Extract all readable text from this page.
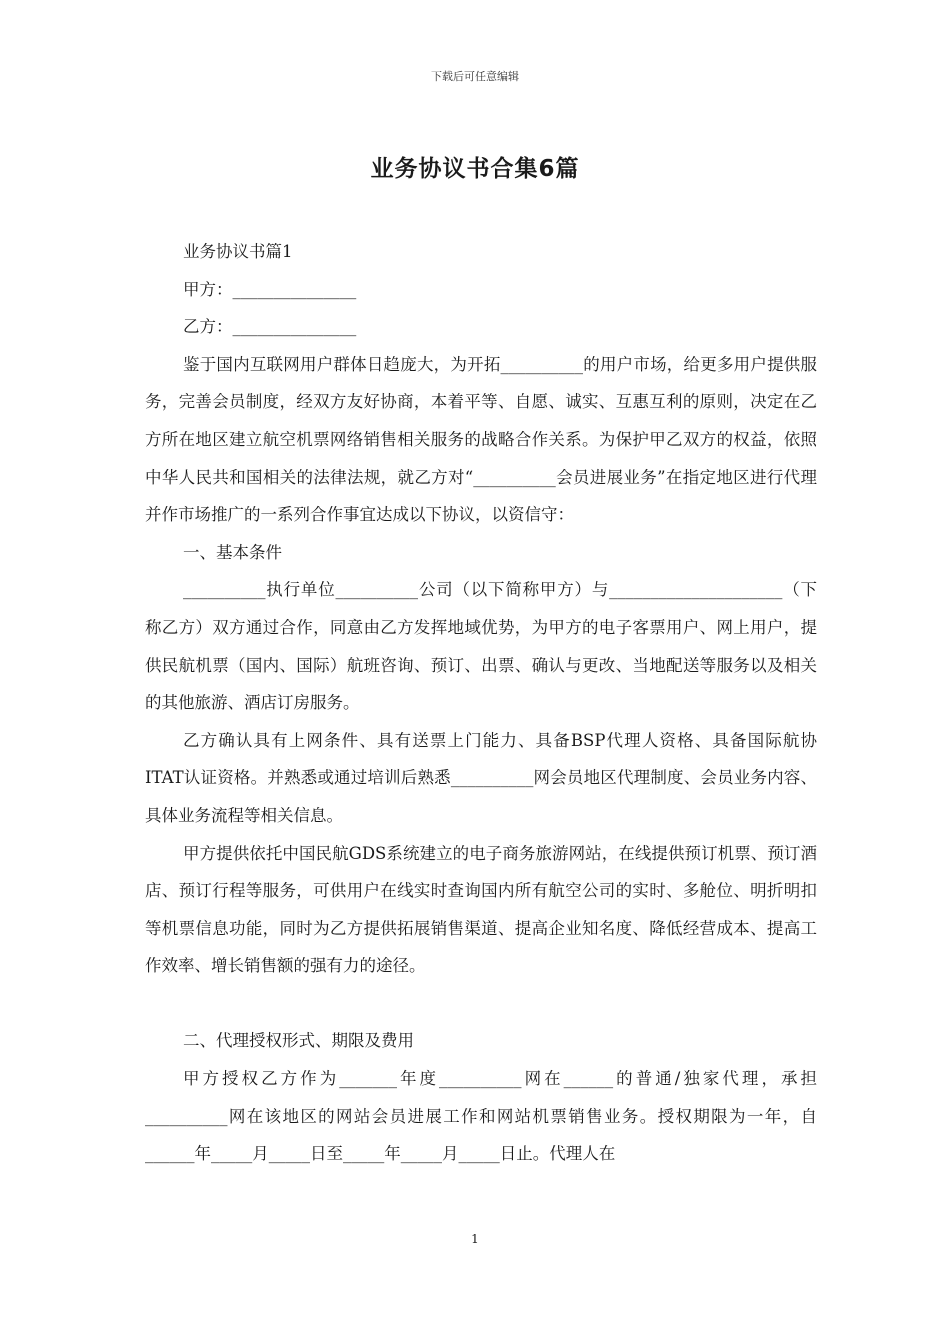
下载后可任意编辑
业务协议书合集6篇

业务协议书篇1

甲方：_______________

乙方：_______________

鉴于国内互联网用户群体日趋庞大，为开拓__________的用户市场，给更多用户提供服务，完善会员制度，经双方友好协商，本着平等、自愿、诚实、互惠互利的原则，决定在乙方所在地区建立航空机票网络销售相关服务的战略合作关系。为保护甲乙双方的权益，依照中华人民共和国相关的法律法规，就乙方对“__________会员进展业务”在指定地区进行代理并作市场推广的一系列合作事宜达成以下协议，以资信守：

一、基本条件

__________执行单位__________公司（以下简称甲方）与_____________________（下称乙方）双方通过合作，同意由乙方发挥地域优势，为甲方的电子客票用户、网上用户，提供民航机票（国内、国际）航班咨询、预订、出票、确认与更改、当地配送等服务以及相关的其他旅游、酒店订房服务。

乙方确认具有上网条件、具有送票上门能力、具备BSP代理人资格、具备国际航协ITAT认证资格。并熟悉或通过培训后熟悉__________网会员地区代理制度、会员业务内容、具体业务流程等相关信息。

甲方提供依托中国民航GDS系统建立的电子商务旅游网站，在线提供预订机票、预订酒店、预订行程等服务，可供用户在线实时查询国内所有航空公司的实时、多舱位、明折明扣等机票信息功能，同时为乙方提供拓展销售渠道、提高企业知名度、降低经营成本、提高工作效率、增长销售额的强有力的途径。

二、代理授权形式、期限及费用

甲方授权乙方作为_______年度__________网在______的普通/独家代理，承担__________网在该地区的网站会员进展工作和网站机票销售业务。授权期限为一年，自______年_____月_____日至_____年_____月_____日止。代理人在

1
